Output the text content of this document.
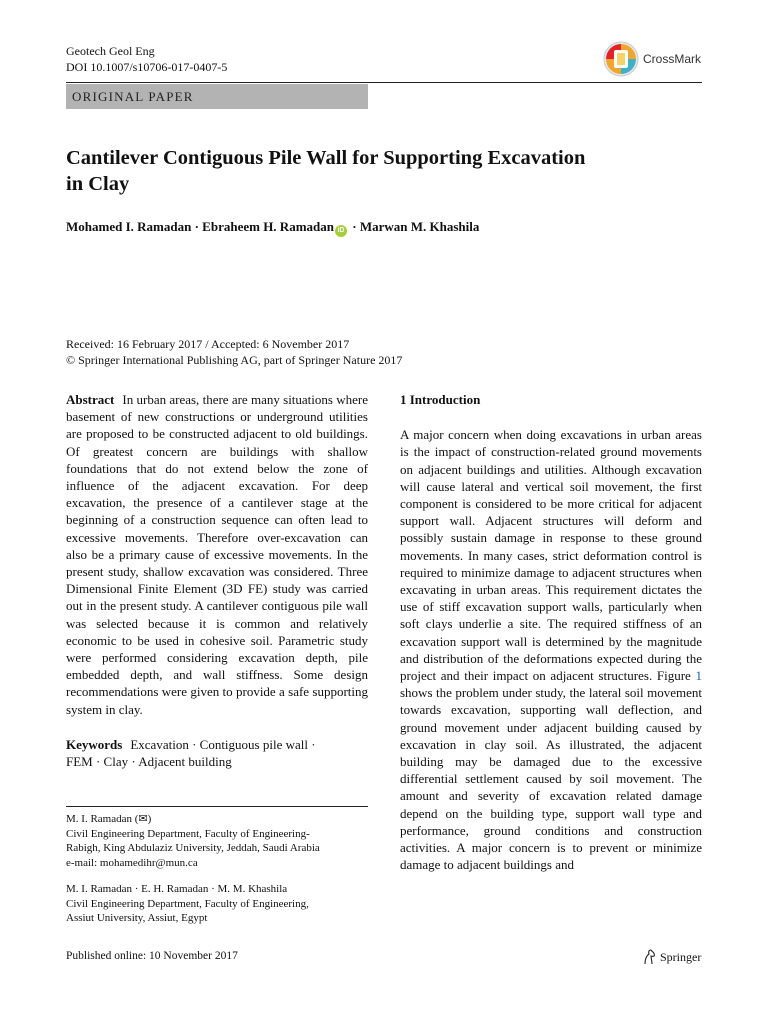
Geotech Geol Eng
DOI 10.1007/s10706-017-0407-5
CrossMark
ORIGINAL PAPER
Cantilever Contiguous Pile Wall for Supporting Excavation
in Clay
Mohamed I. Ramadan · Ebraheem H. Ramadan iD · Marwan M. Khashila
Received: 16 February 2017 / Accepted: 6 November 2017
© Springer International Publishing AG, part of Springer Nature 2017

Abstract In urban areas, there are many situations where basement of new constructions or underground utilities are proposed to be constructed adjacent to old buildings. Of greatest concern are buildings with shallow foundations that do not extend below the zone of influence of the adjacent excavation. For deep excavation, the presence of a cantilever stage at the beginning of a construction sequence can often lead to excessive movements. Therefore over-excavation can also be a primary cause of excessive movements. In the present study, shallow excavation was considered. Three Dimensional Finite Element (3D FE) study was carried out in the present study. A cantilever contiguous pile wall was selected because it is common and relatively economic to be used in cohesive soil. Parametric study were performed considering excavation depth, pile embedded depth, and wall stiffness. Some design recommendations were given to provide a safe supporting system in clay.

Keywords Excavation · Contiguous pile wall ·
FEM · Clay · Adjacent building

M. I. Ramadan (✉)
Civil Engineering Department, Faculty of Engineering-
Rabigh, King Abdulaziz University, Jeddah, Saudi Arabia
e-mail: mohamedihr@mun.ca
M. I. Ramadan · E. H. Ramadan · M. M. Khashila
Civil Engineering Department, Faculty of Engineering,
Assiut University, Assiut, Egypt

1 Introduction

A major concern when doing excavations in urban areas is the impact of construction-related ground movements on adjacent buildings and utilities. Although excavation will cause lateral and vertical soil movement, the first component is considered to be more critical for adjacent support wall. Adjacent structures will deform and possibly sustain damage in response to these ground movements. In many cases, strict deformation control is required to minimize damage to adjacent structures when excavating in urban areas. This requirement dictates the use of stiff excavation support walls, particularly when soft clays underlie a site. The required stiffness of an excavation support wall is determined by the magnitude and distribution of the deformations expected during the project and their impact on adjacent structures. Figure 1 shows the problem under study, the lateral soil movement towards excavation, supporting wall deflection, and ground movement under adjacent building caused by excavation in clay soil. As illustrated, the adjacent building may be damaged due to the excessive differential settlement caused by soil movement. The amount and severity of excavation related damage depend on the building type, support wall type and performance, ground conditions and construction activities. A major concern is to prevent or minimize damage to adjacent buildings and

Published online: 10 November 2017	Springer
